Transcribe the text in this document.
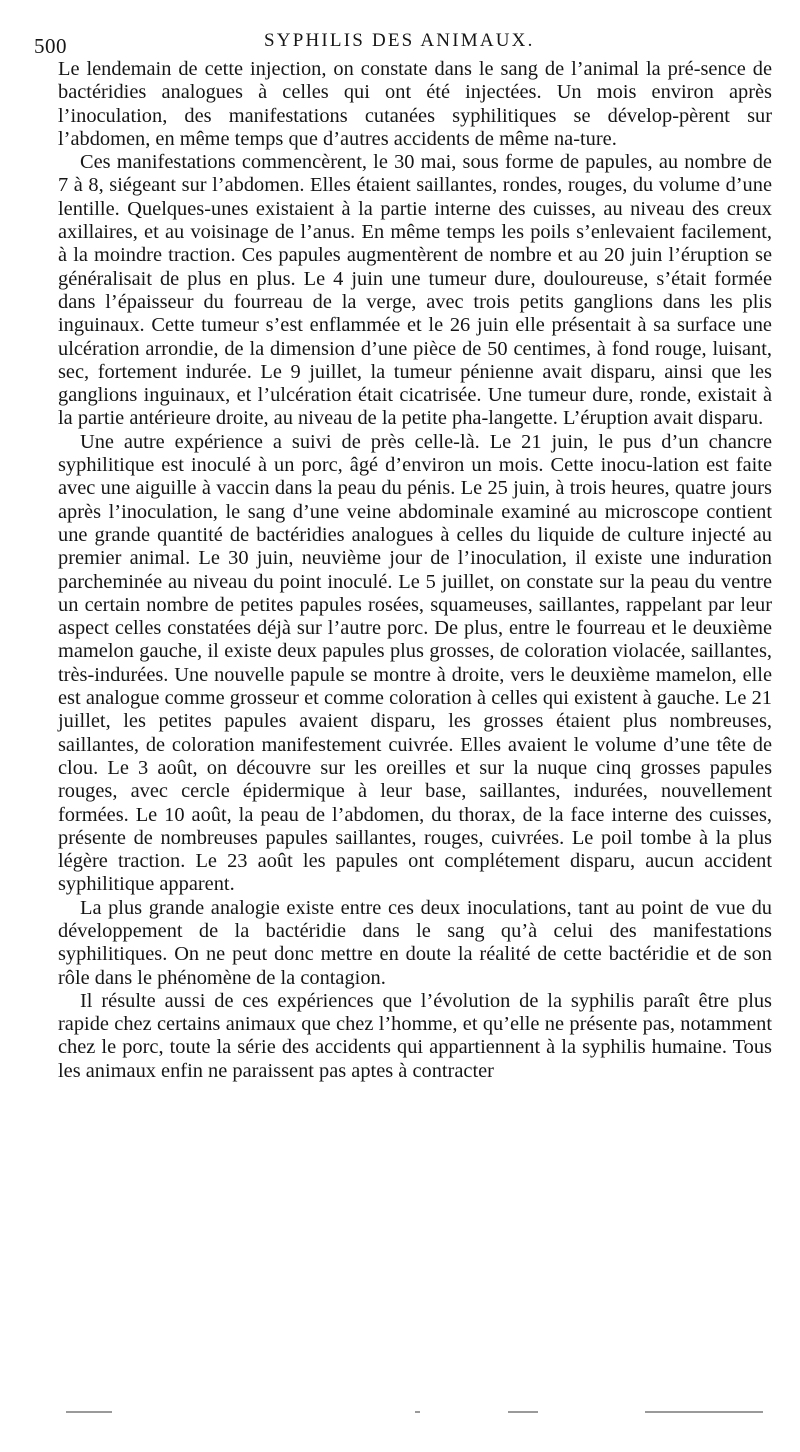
500	SYPHILIS DES ANIMAUX.

Le lendemain de cette injection, on constate dans le sang de l’animal la pré-sence de bactéridies analogues à celles qui ont été injectées. Un mois environ après l’inoculation, des manifestations cutanées syphilitiques se dévelop-pèrent sur l’abdomen, en même temps que d’autres accidents de même na-ture.

Ces manifestations commencèrent, le 30 mai, sous forme de papules, au nombre de 7 à 8, siégeant sur l’abdomen. Elles étaient saillantes, rondes, rouges, du volume d’une lentille. Quelques-unes existaient à la partie interne des cuisses, au niveau des creux axillaires, et au voisinage de l’anus. En même temps les poils s’enlevaient facilement, à la moindre traction. Ces papules augmentèrent de nombre et au 20 juin l’éruption se généralisait de plus en plus. Le 4 juin une tumeur dure, douloureuse, s’était formée dans l’épaisseur du fourreau de la verge, avec trois petits ganglions dans les plis inguinaux. Cette tumeur s’est enflammée et le 26 juin elle présentait à sa surface une ulcération arrondie, de la dimension d’une pièce de 50 centimes, à fond rouge, luisant, sec, fortement indurée. Le 9 juillet, la tumeur pénienne avait disparu, ainsi que les ganglions inguinaux, et l’ulcération était cicatrisée. Une tumeur dure, ronde, existait à la partie antérieure droite, au niveau de la petite pha-langette. L’éruption avait disparu.

Une autre expérience a suivi de près celle-là. Le 21 juin, le pus d’un chancre syphilitique est inoculé à un porc, âgé d’environ un mois. Cette inocu-lation est faite avec une aiguille à vaccin dans la peau du pénis. Le 25 juin, à trois heures, quatre jours après l’inoculation, le sang d’une veine abdominale examiné au microscope contient une grande quantité de bactéridies analogues à celles du liquide de culture injecté au premier animal. Le 30 juin, neuvième jour de l’inoculation, il existe une induration parcheminée au niveau du point inoculé. Le 5 juillet, on constate sur la peau du ventre un certain nombre de petites papules rosées, squameuses, saillantes, rappelant par leur aspect celles constatées déjà sur l’autre porc. De plus, entre le fourreau et le deuxième mamelon gauche, il existe deux papules plus grosses, de coloration violacée, saillantes, très-indurées. Une nouvelle papule se montre à droite, vers le deuxième mamelon, elle est analogue comme grosseur et comme coloration à celles qui existent à gauche. Le 21 juillet, les petites papules avaient disparu, les grosses étaient plus nombreuses, saillantes, de coloration manifestement cuivrée. Elles avaient le volume d’une tête de clou. Le 3 août, on découvre sur les oreilles et sur la nuque cinq grosses papules rouges, avec cercle épidermique à leur base, saillantes, indurées, nouvellement formées. Le 10 août, la peau de l’abdomen, du thorax, de la face interne des cuisses, présente de nombreuses papules saillantes, rouges, cuivrées. Le poil tombe à la plus légère traction. Le 23 août les papules ont complétement disparu, aucun accident syphilitique apparent.

La plus grande analogie existe entre ces deux inoculations, tant au point de vue du développement de la bactéridie dans le sang qu’à celui des manifestations syphilitiques. On ne peut donc mettre en doute la réalité de cette bactéridie et de son rôle dans le phénomène de la contagion.

Il résulte aussi de ces expériences que l’évolution de la syphilis paraît être plus rapide chez certains animaux que chez l’homme, et qu’elle ne présente pas, notamment chez le porc, toute la série des accidents qui appartiennent à la syphilis humaine. Tous les animaux enfin ne paraissent pas aptes à contracter
